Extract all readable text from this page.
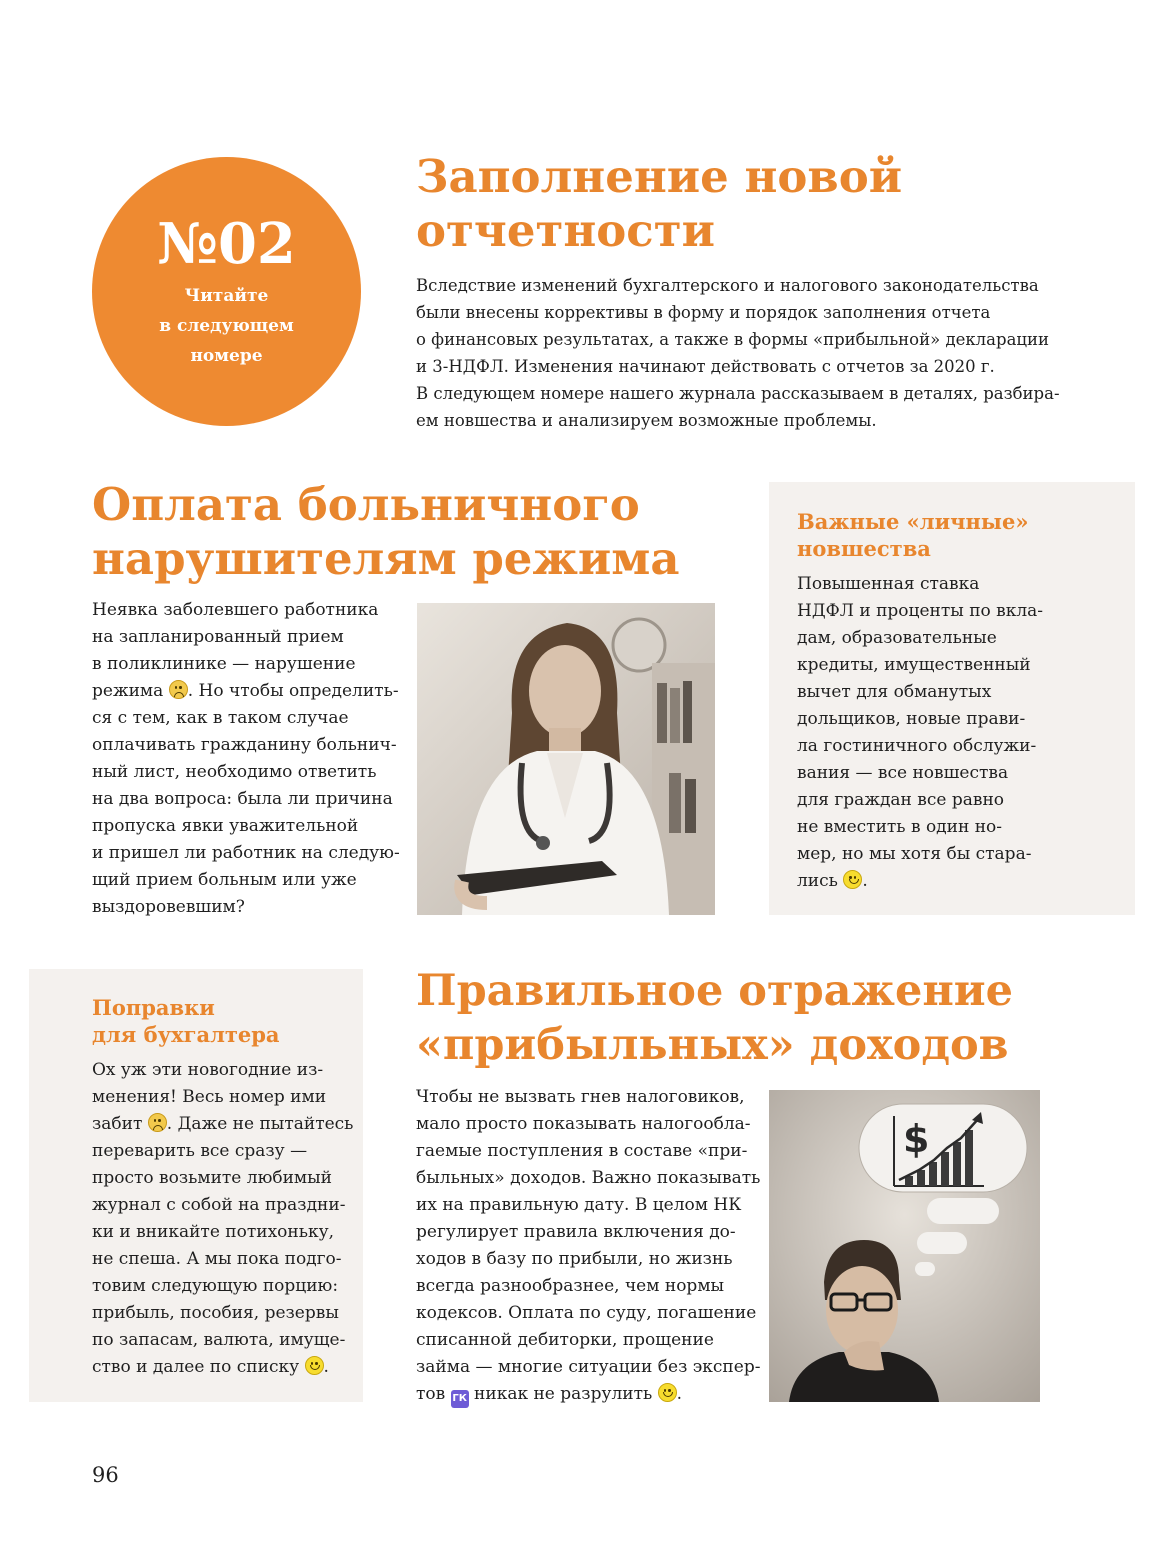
№02
Читайте
в следующем
номере
Заполнение новой
отчетности
Вследствие изменений бухгалтерского и налогового законодательства
были внесены коррективы в форму и порядок заполнения отчета
о финансовых результатах, а также в формы «прибыльной» декларации
и 3-НДФЛ. Изменения начинают действовать с отчетов за 2020 г.
В следующем номере нашего журнала рассказываем в деталях, разбира-
ем новшества и анализируем возможные проблемы.
Оплата больничного
нарушителям режима
Неявка заболевшего работника
на запланированный прием
в поликлинике — нарушение
режима . Но чтобы определить-
ся с тем, как в таком случае
оплачивать гражданину больнич-
ный лист, необходимо ответить
на два вопроса: была ли причина
пропуска явки уважительной
и пришел ли работник на следую-
щий прием больным или уже
выздоровевшим?
Важные «личные»
новшества
Повышенная ставка
НДФЛ и проценты по вкла-
дам, образовательные
кредиты, имущественный
вычет для обманутых
дольщиков, новые прави-
ла гостиничного обслужи-
вания — все новшества
для граждан все равно
не вместить в один но-
мер, но мы хотя бы стара-
лись .
Поправки
для бухгалтера
Ох уж эти новогодние из-
менения! Весь номер ими
забит . Даже не пытайтесь
переварить все сразу —
просто возьмите любимый
журнал с собой на праздни-
ки и вникайте потихоньку,
не спеша. А мы пока подго-
товим следующую порцию:
прибыль, пособия, резервы
по запасам, валюта, имуще-
ство и далее по списку .
Правильное отражение
«прибыльных» доходов
Чтобы не вызвать гнев налоговиков,
мало просто показывать налогообла-
гаемые поступления в составе «при-
быльных» доходов. Важно показывать
их на правильную дату. В целом НК
регулирует правила включения до-
ходов в базу по прибыли, но жизнь
всегда разнообразнее, чем нормы
кодексов. Оплата по суду, погашение
списанной дебиторки, прощение
займа — многие ситуации без экспер-
тов ГК никак не разрулить .
$
96
